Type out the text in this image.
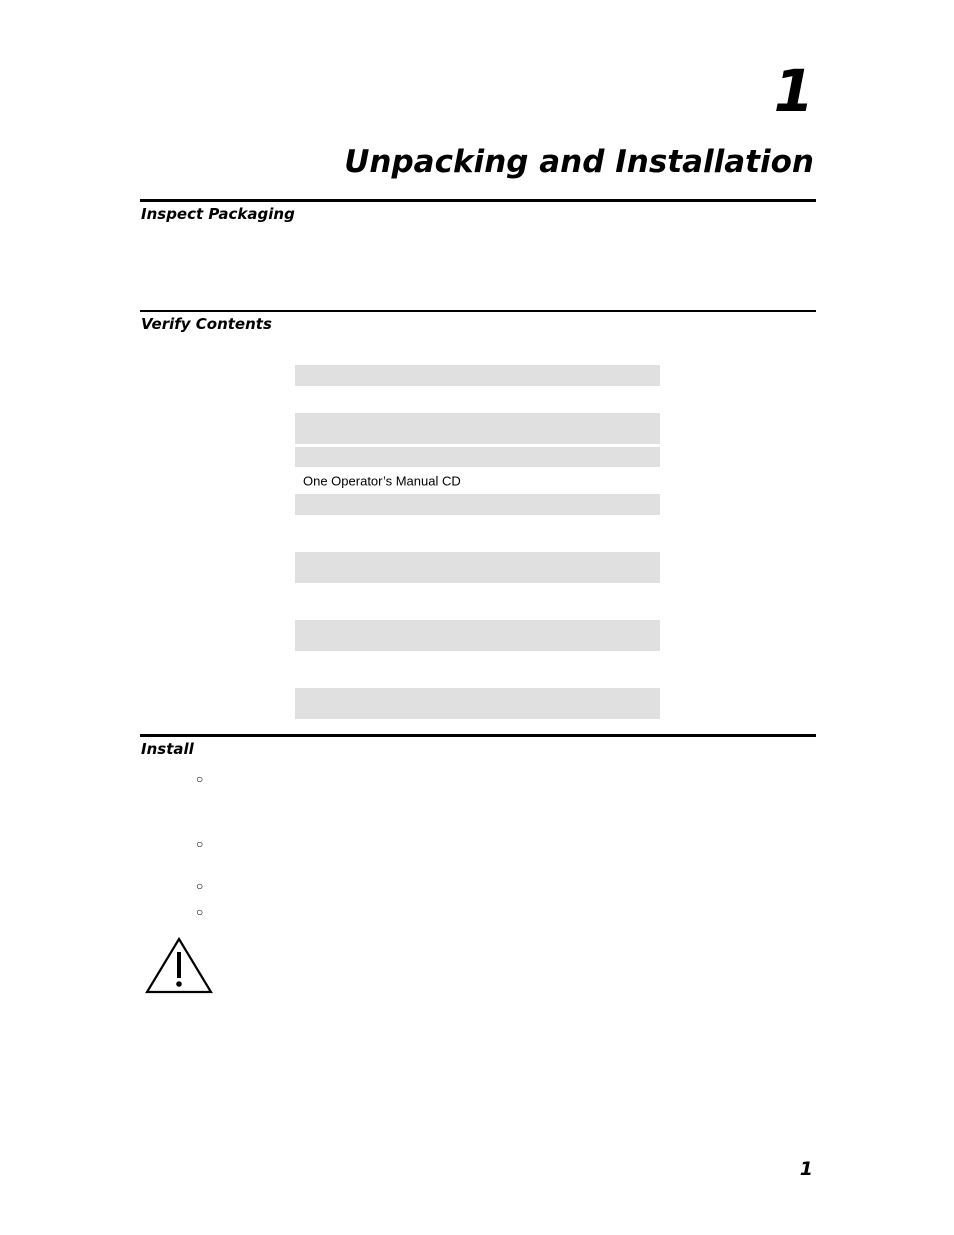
1
Unpacking and Installation
Inspect Packaging
Verify Contents
One Operator’s Manual CD
Install
○
○
○
○
1
